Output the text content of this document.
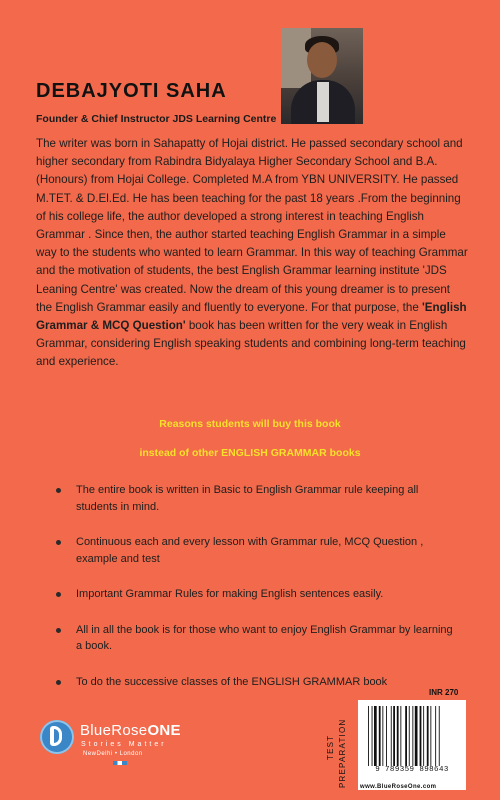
DEBAJYOTI SAHA
Founder & Chief Instructor JDS Learning Centre
The writer was born in Sahapatty of Hojai district. He passed secondary school and higher secondary from Rabindra Bidyalaya Higher Secondary School and B.A. (Honours) from Hojai College. Completed M.A from YBN UNIVERSITY. He passed M.TET. & D.El.Ed. He has been teaching for the past 18 years .From the beginning of his college life, the author developed a strong interest in teaching English Grammar . Since then, the author started teaching English Grammar in a simple way to the students who wanted to learn Grammar. In this way of teaching Grammar and the motivation of students, the best English Grammar learning institute 'JDS Leaning Centre' was created. Now the dream of this young dreamer is to present the English Grammar easily and fluently to everyone. For that purpose, the 'English Grammar & MCQ Question' book has been written for the very weak in English Grammar, considering English speaking students and combining long-term teaching and experience.
Reasons students will buy this book
instead of other ENGLISH GRAMMAR books
The entire book is written in Basic to English Grammar rule keeping all students in mind.
Continuous each and every lesson with Grammar rule, MCQ Question , example and test
Important Grammar Rules for making English sentences easily.
All in all the book is for those who want to enjoy English Grammar by learning a book.
To do the successive classes of the ENGLISH GRAMMAR book
BlueRoseONE
Stories Matter
NewDelhi • London
INR 270
TEST PREPARATION	9 789359 898643
www.BlueRoseOne.com
